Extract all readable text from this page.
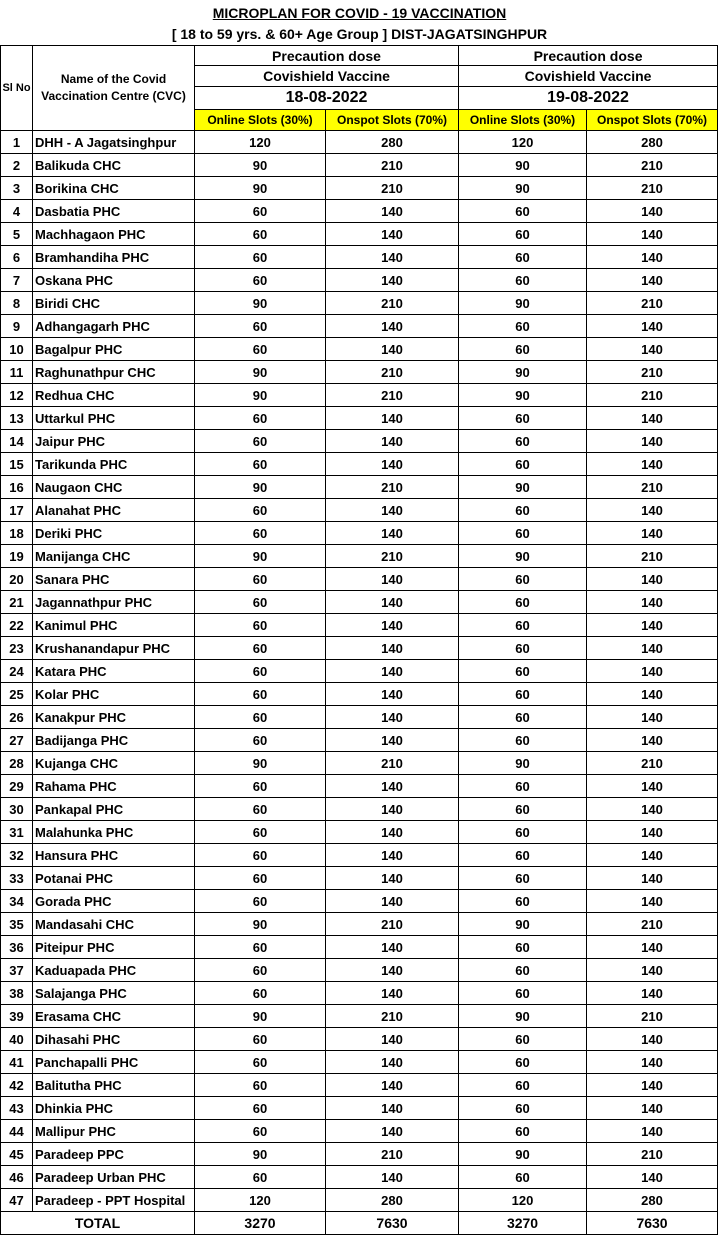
MICROPLAN FOR COVID - 19 VACCINATION
[ 18 to 59 yrs. & 60+ Age Group ] DIST-JAGATSINGHPUR
Sl No	Name of the Covid Vaccination Centre (CVC)	Precaution dose		Precaution dose	
		Covishield Vaccine		Covishield Vaccine	
		18-08-2022		19-08-2022	
		Online Slots (30%)	Onspot Slots (70%)	Online Slots (30%)	Onspot Slots (70%)
1	DHH - A Jagatsinghpur	120	280	120	280
2	Balikuda CHC	90	210	90	210
3	Borikina CHC	90	210	90	210
4	Dasbatia PHC	60	140	60	140
5	Machhagaon PHC	60	140	60	140
6	Bramhandiha PHC	60	140	60	140
7	Oskana PHC	60	140	60	140
8	Biridi CHC	90	210	90	210
9	Adhangagarh PHC	60	140	60	140
10	Bagalpur PHC	60	140	60	140
11	Raghunathpur CHC	90	210	90	210
12	Redhua CHC	90	210	90	210
13	Uttarkul PHC	60	140	60	140
14	Jaipur PHC	60	140	60	140
15	Tarikunda PHC	60	140	60	140
16	Naugaon CHC	90	210	90	210
17	Alanahat PHC	60	140	60	140
18	Deriki PHC	60	140	60	140
19	Manijanga CHC	90	210	90	210
20	Sanara PHC	60	140	60	140
21	Jagannathpur PHC	60	140	60	140
22	Kanimul PHC	60	140	60	140
23	Krushanandapur PHC	60	140	60	140
24	Katara PHC	60	140	60	140
25	Kolar PHC	60	140	60	140
26	Kanakpur PHC	60	140	60	140
27	Badijanga PHC	60	140	60	140
28	Kujanga CHC	90	210	90	210
29	Rahama PHC	60	140	60	140
30	Pankapal PHC	60	140	60	140
31	Malahunka PHC	60	140	60	140
32	Hansura PHC	60	140	60	140
33	Potanai PHC	60	140	60	140
34	Gorada PHC	60	140	60	140
35	Mandasahi CHC	90	210	90	210
36	Piteipur PHC	60	140	60	140
37	Kaduapada PHC	60	140	60	140
38	Salajanga PHC	60	140	60	140
39	Erasama CHC	90	210	90	210
40	Dihasahi PHC	60	140	60	140
41	Panchapalli PHC	60	140	60	140
42	Balitutha PHC	60	140	60	140
43	Dhinkia PHC	60	140	60	140
44	Mallipur PHC	60	140	60	140
45	Paradeep PPC	90	210	90	210
46	Paradeep Urban PHC	60	140	60	140
47	Paradeep - PPT Hospital	120	280	120	280
TOTAL		3270	7630	3270	7630
